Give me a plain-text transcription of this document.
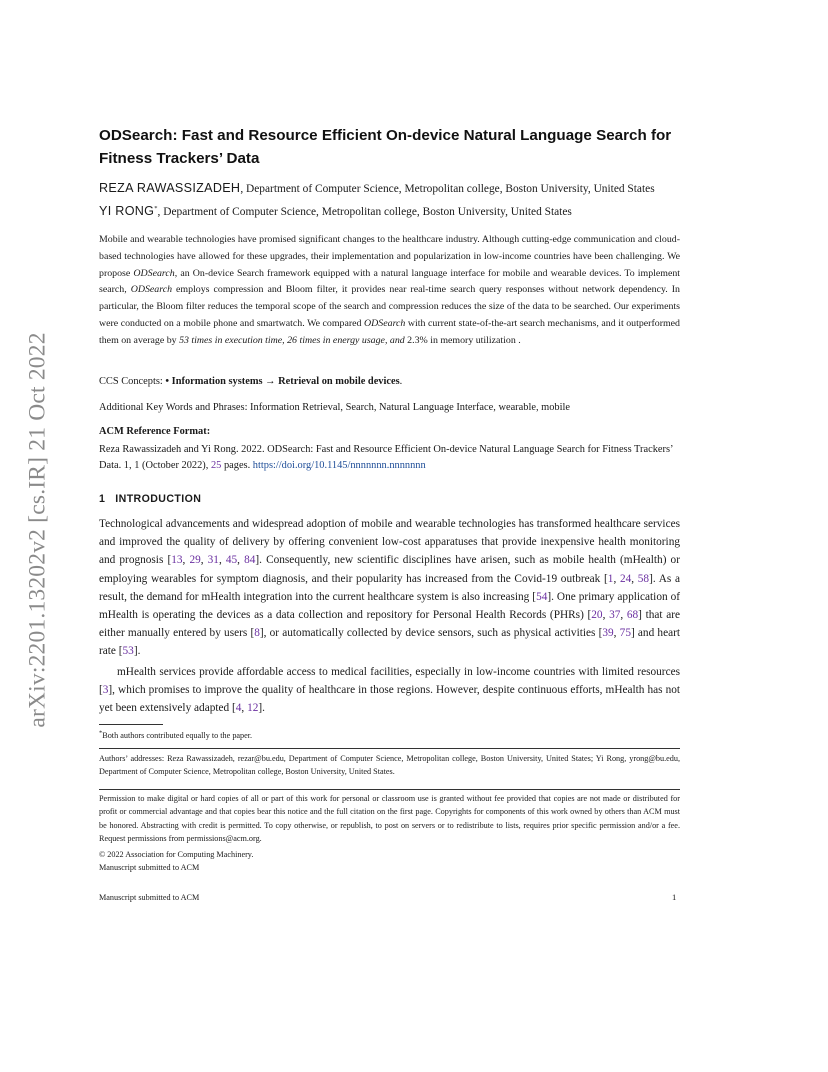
arXiv:2201.13202v2 [cs.IR] 21 Oct 2022
ODSearch: Fast and Resource Efficient On-device Natural Language Search for
Fitness Trackers’ Data
REZA RAWASSIZADEH, Department of Computer Science, Metropolitan college, Boston University, United States
YI RONG*, Department of Computer Science, Metropolitan college, Boston University, United States
Mobile and wearable technologies have promised significant changes to the healthcare industry. Although cutting-edge communication and cloud-based technologies have allowed for these upgrades, their implementation and popularization in low-income countries have been challenging. We propose ODSearch, an On-device Search framework equipped with a natural language interface for mobile and wearable devices. To implement search, ODSearch employs compression and Bloom filter, it provides near real-time search query responses without network dependency. In particular, the Bloom filter reduces the temporal scope of the search and compression reduces the size of the data to be searched. Our experiments were conducted on a mobile phone and smartwatch. We compared ODSearch with current state-of-the-art search mechanisms, and it outperformed them on average by 53 times in execution time, 26 times in energy usage, and 2.3% in memory utilization .
CCS Concepts: • Information systems → Retrieval on mobile devices.
Additional Key Words and Phrases: Information Retrieval, Search, Natural Language Interface, wearable, mobile
ACM Reference Format:
Reza Rawassizadeh and Yi Rong. 2022. ODSearch: Fast and Resource Efficient On-device Natural Language Search for Fitness Trackers’
Data. 1, 1 (October 2022), 25 pages. https://doi.org/10.1145/nnnnnnn.nnnnnnn
1 INTRODUCTION
Technological advancements and widespread adoption of mobile and wearable technologies has transformed healthcare services and improved the quality of delivery by offering convenient low-cost apparatuses that provide inexpensive health monitoring and prognosis [13, 29, 31, 45, 84]. Consequently, new scientific disciplines have arisen, such as mobile health (mHealth) or employing wearables for symptom diagnosis, and their popularity has increased from the Covid-19 outbreak [1, 24, 58]. As a result, the demand for mHealth integration into the current healthcare system is also increasing [54]. One primary application of mHealth is operating the devices as a data collection and repository for Personal Health Records (PHRs) [20, 37, 68] that are either manually entered by users [8], or automatically collected by device sensors, such as physical activities [39, 75] and heart rate [53].
mHealth services provide affordable access to medical facilities, especially in low-income countries with limited resources [3], which promises to improve the quality of healthcare in those regions. However, despite continuous efforts, mHealth has not yet been extensively adapted [4, 12].
*Both authors contributed equally to the paper.
Authors’ addresses: Reza Rawassizadeh, rezar@bu.edu, Department of Computer Science, Metropolitan college, Boston University, United States; Yi Rong, yrong@bu.edu, Department of Computer Science, Metropolitan college, Boston University, United States.
Permission to make digital or hard copies of all or part of this work for personal or classroom use is granted without fee provided that copies are not made or distributed for profit or commercial advantage and that copies bear this notice and the full citation on the first page. Copyrights for components of this work owned by others than ACM must be honored. Abstracting with credit is permitted. To copy otherwise, or republish, to post on servers or to redistribute to lists, requires prior specific permission and/or a fee. Request permissions from permissions@acm.org.
© 2022 Association for Computing Machinery.
Manuscript submitted to ACM
Manuscript submitted to ACM	1
